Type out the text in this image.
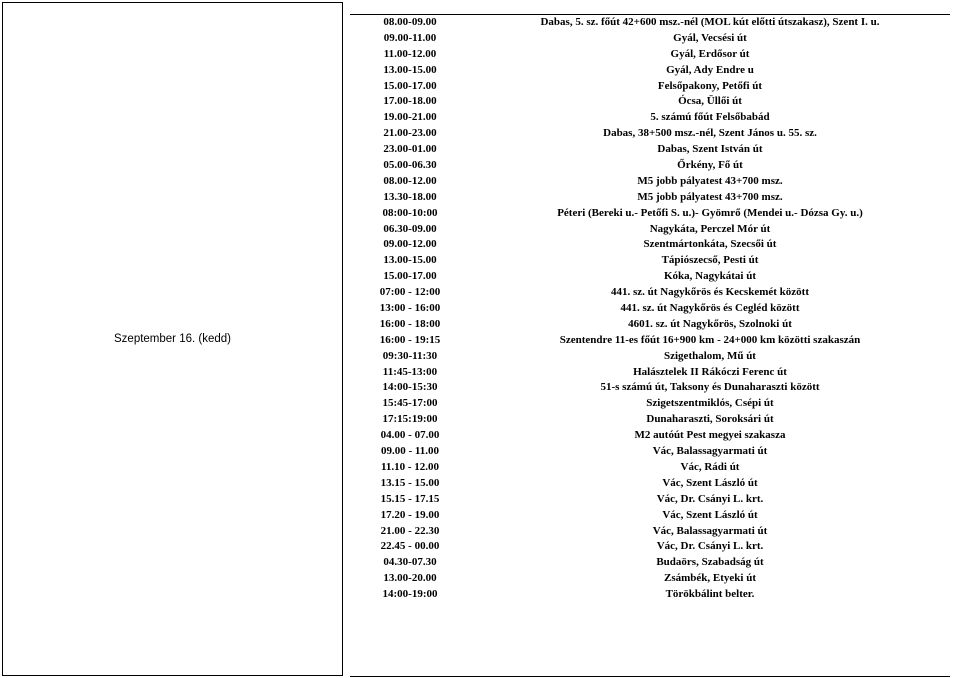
Szeptember 16. (kedd)
08.00-09.00	Dabas, 5. sz. főút 42+600 msz.-nél (MOL kút előtti útszakasz), Szent I. u.
09.00-11.00	Gyál, Vecsési út
11.00-12.00	Gyál, Erdősor út
13.00-15.00	Gyál, Ady Endre u
15.00-17.00	Felsőpakony, Petőfi út
17.00-18.00	Ócsa, Üllői út
19.00-21.00	5. számú főút Felsőbabád
21.00-23.00	Dabas, 38+500 msz.-nél, Szent János u. 55. sz.
23.00-01.00	Dabas, Szent István út
05.00-06.30	Őrkény, Fő út
08.00-12.00	M5 jobb pályatest 43+700 msz.
13.30-18.00	M5 jobb pályatest 43+700 msz.
08:00-10:00	Péteri (Bereki u.- Petőfi S. u.)- Gyömrő (Mendei u.- Dózsa Gy. u.)
06.30-09.00	Nagykáta, Perczel Mór út
09.00-12.00	Szentmártonkáta, Szecsői út
13.00-15.00	Tápiószecső, Pesti út
15.00-17.00	Kóka, Nagykátai út
07:00 - 12:00	441. sz. út Nagykőrös és Kecskemét között
13:00 - 16:00	441. sz. út Nagykőrös és Cegléd között
16:00 - 18:00	4601. sz. út Nagykőrös, Szolnoki út
16:00 - 19:15	Szentendre 11-es főút 16+900 km - 24+000 km közötti szakaszán
09:30-11:30	Szigethalom, Mű út
11:45-13:00	Halásztelek II Rákóczi Ferenc út
14:00-15:30	51-s számú út, Taksony és Dunaharaszti között
15:45-17:00	Szigetszentmiklós, Csépi út
17:15:19:00	Dunaharaszti, Soroksári út
04.00 - 07.00	M2 autóút Pest megyei szakasza
09.00 - 11.00	Vác, Balassagyarmati út
11.10 - 12.00	Vác, Rádi út
13.15 - 15.00	Vác, Szent László út
15.15 - 17.15	Vác, Dr. Csányi L. krt.
17.20 - 19.00	Vác, Szent László út
21.00 - 22.30	Vác, Balassagyarmati út
22.45 - 00.00	Vác, Dr. Csányi L. krt.
04.30-07.30	Budaörs, Szabadság út
13.00-20.00	Zsámbék, Etyeki út
14:00-19:00	Törökbálint belter.
